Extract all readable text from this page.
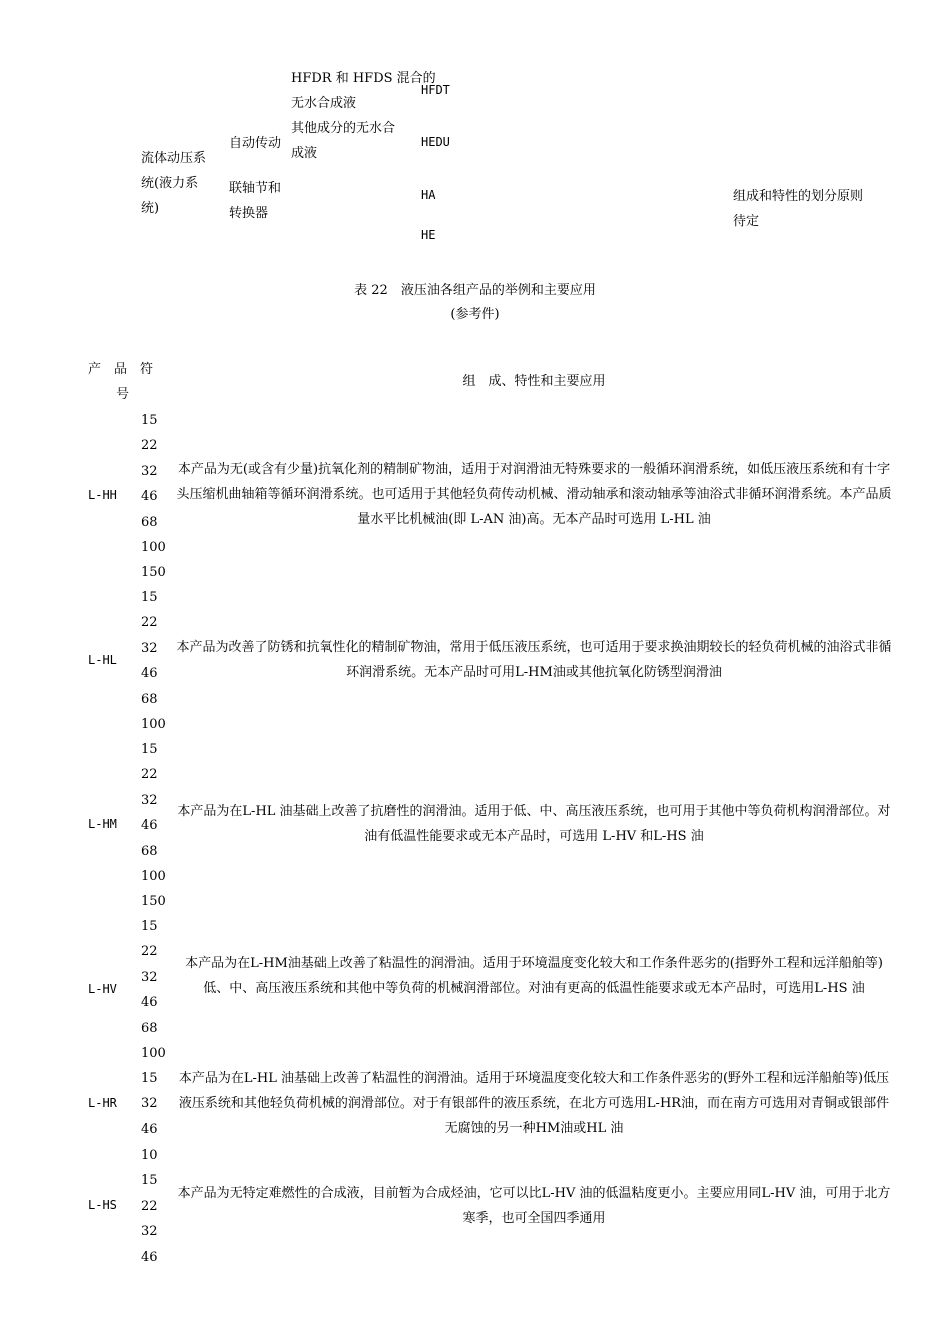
流体动压系
统(液力系
统)
自动传动
联轴节和
转换器
HFDR 和 HFDS 混合的
无水合成液
其他成分的无水合
成液
HFDT
HEDU
HA
HE
组成和特性的划分原则
待定
表 22　液压油各组产品的举例和主要应用
(参考件)
产　品　符
号
组　成、特性和主要应用
L-HH
15
22
32
46
68
100
150
本产品为无(或含有少量)抗氧化剂的精制矿物油，适用于对润滑油无特殊要求的一般循环润滑系统，如低压液压系统和有十字头压缩机曲轴箱等循环润滑系统。也可适用于其他轻负荷传动机械、滑动轴承和滚动轴承等油浴式非循环润滑系统。本产品质量水平比机械油(即 L-AN 油)高。无本产品时可选用 L-HL 油
L-HL
15
22
32
46
68
100
本产品为改善了防锈和抗氧性化的精制矿物油，常用于低压液压系统，也可适用于要求换油期较长的轻负荷机械的油浴式非循环润滑系统。无本产品时可用L-HM油或其他抗氧化防锈型润滑油
L-HM
15
22
32
46
68
100
150
本产品为在L-HL 油基础上改善了抗磨性的润滑油。适用于低、中、高压液压系统，也可用于其他中等负荷机构润滑部位。对油有低温性能要求或无本产品时，可选用 L-HV 和L-HS 油
L-HV
15
22
32
46
68
100
本产品为在L-HM油基础上改善了粘温性的润滑油。适用于环境温度变化较大和工作条件恶劣的(指野外工程和远洋船舶等)低、中、高压液压系统和其他中等负荷的机械润滑部位。对油有更高的低温性能要求或无本产品时，可选用L-HS 油
L-HR
15
32
46
本产品为在L-HL 油基础上改善了粘温性的润滑油。适用于环境温度变化较大和工作条件恶劣的(野外工程和远洋船舶等)低压液压系统和其他轻负荷机械的润滑部位。对于有银部件的液压系统，在北方可选用L-HR油，而在南方可选用对青铜或银部件无腐蚀的另一种HM油或HL 油
L-HS
10
15
22
32
46
本产品为无特定难燃性的合成液，目前暂为合成烃油，它可以比L-HV 油的低温粘度更小。主要应用同L-HV 油，可用于北方寒季，也可全国四季通用
